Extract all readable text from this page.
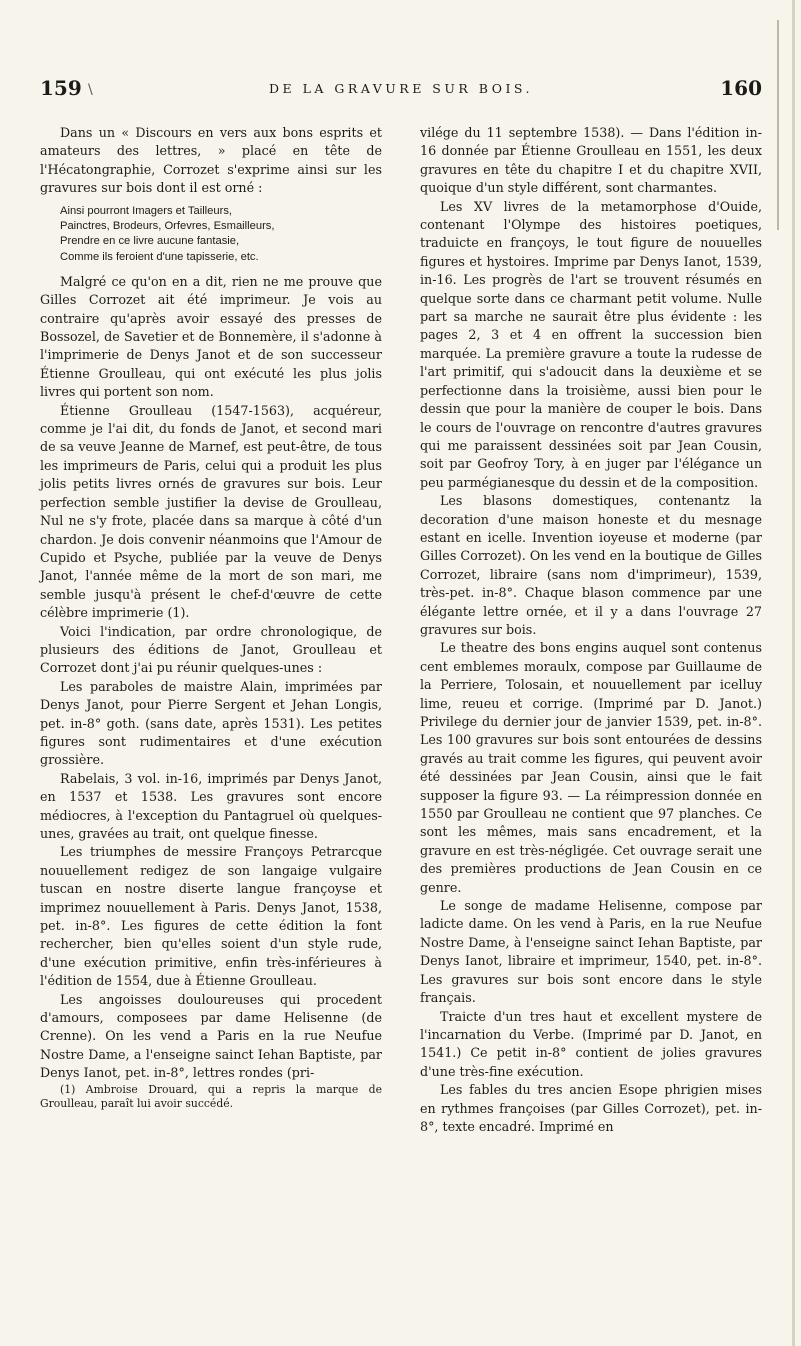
159 \	DE LA GRAVURE SUR BOIS.	160

Dans un « Discours en vers aux bons esprits et amateurs des lettres, » placé en tête de l'Hécatongraphie, Corrozet s'exprime ainsi sur les gravures sur bois dont il est orné :

Ainsi pourront Imagers et Tailleurs,
Painctres, Brodeurs, Orfevres, Esmailleurs,
Prendre en ce livre aucune fantasie,
Comme ils feroient d'une tapisserie, etc.

Malgré ce qu'on en a dit, rien ne me prouve que Gilles Corrozet ait été imprimeur. Je vois au contraire qu'après avoir essayé des presses de Bossozel, de Savetier et de Bonnemère, il s'adonne à l'imprimerie de Denys Janot et de son successeur Étienne Groulleau, qui ont exécuté les plus jolis livres qui portent son nom.

Étienne Groulleau (1547-1563), acquéreur, comme je l'ai dit, du fonds de Janot, et second mari de sa veuve Jeanne de Marnef, est peut-être, de tous les imprimeurs de Paris, celui qui a produit les plus jolis petits livres ornés de gravures sur bois. Leur perfection semble justifier la devise de Groulleau, Nul ne s'y frote, placée dans sa marque à côté d'un chardon. Je dois convenir néanmoins que l'Amour de Cupido et Psyche, publiée par la veuve de Denys Janot, l'année même de la mort de son mari, me semble jusqu'à présent le chef-d'œuvre de cette célèbre imprimerie (1).

Voici l'indication, par ordre chronologique, de plusieurs des éditions de Janot, Groulleau et Corrozet dont j'ai pu réunir quelques-unes :

Les paraboles de maistre Alain, imprimées par Denys Janot, pour Pierre Sergent et Jehan Longis, pet. in-8° goth. (sans date, après 1531). Les petites figures sont rudimentaires et d'une exécution grossière.

Rabelais, 3 vol. in-16, imprimés par Denys Janot, en 1537 et 1538. Les gravures sont encore médiocres, à l'exception du Pantagruel où quelques-unes, gravées au trait, ont quelque finesse.

Les triumphes de messire Françoys Petrarcque nouuellement redigez de son langaige vulgaire tuscan en nostre diserte langue françoyse et imprimez nouuellement à Paris. Denys Janot, 1538, pet. in-8°. Les figures de cette édition la font rechercher, bien qu'elles soient d'un style rude, d'une exécution primitive, enfin très-inférieures à l'édition de 1554, due à Étienne Groulleau.

Les angoisses douloureuses qui procedent d'amours, composees par dame Helisenne (de Crenne). On les vend a Paris en la rue Neufue Nostre Dame, a l'enseigne sainct Iehan Baptiste, par Denys Ianot, pet. in-8°, lettres rondes (pri-

(1) Ambroise Drouard, qui a repris la marque de Groulleau, paraît lui avoir succédé.

vilége du 11 septembre 1538). — Dans l'édition in-16 donnée par Étienne Groulleau en 1551, les deux gravures en tête du chapitre I et du chapitre XVII, quoique d'un style différent, sont charmantes.

Les XV livres de la metamorphose d'Ouide, contenant l'Olympe des histoires poetiques, traduicte en françoys, le tout figure de nouuelles figures et hystoires. Imprime par Denys Ianot, 1539, in-16. Les progrès de l'art se trouvent résumés en quelque sorte dans ce charmant petit volume. Nulle part sa marche ne saurait être plus évidente : les pages 2, 3 et 4 en offrent la succession bien marquée. La première gravure a toute la rudesse de l'art primitif, qui s'adoucit dans la deuxième et se perfectionne dans la troisième, aussi bien pour le dessin que pour la manière de couper le bois. Dans le cours de l'ouvrage on rencontre d'autres gravures qui me paraissent dessinées soit par Jean Cousin, soit par Geofroy Tory, à en juger par l'élégance un peu parmégianesque du dessin et de la composition.

Les blasons domestiques, contenantz la decoration d'une maison honeste et du mesnage estant en icelle. Invention ioyeuse et moderne (par Gilles Corrozet). On les vend en la boutique de Gilles Corrozet, libraire (sans nom d'imprimeur), 1539, très-pet. in-8°. Chaque blason commence par une élégante lettre ornée, et il y a dans l'ouvrage 27 gravures sur bois.

Le theatre des bons engins auquel sont contenus cent emblemes moraulx, compose par Guillaume de la Perriere, Tolosain, et nouuellement par icelluy lime, reueu et corrige. (Imprimé par D. Janot.) Privilege du dernier jour de janvier 1539, pet. in-8°. Les 100 gravures sur bois sont entourées de dessins gravés au trait comme les figures, qui peuvent avoir été dessinées par Jean Cousin, ainsi que le fait supposer la figure 93. — La réimpression donnée en 1550 par Groulleau ne contient que 97 planches. Ce sont les mêmes, mais sans encadrement, et la gravure en est très-négligée. Cet ouvrage serait une des premières productions de Jean Cousin en ce genre.

Le songe de madame Helisenne, compose par ladicte dame. On les vend à Paris, en la rue Neufue Nostre Dame, à l'enseigne sainct Iehan Baptiste, par Denys Ianot, libraire et imprimeur, 1540, pet. in-8°. Les gravures sur bois sont encore dans le style français.

Traicte d'un tres haut et excellent mystere de l'incarnation du Verbe. (Imprimé par D. Janot, en 1541.) Ce petit in-8° contient de jolies gravures d'une très-fine exécution.

Les fables du tres ancien Esope phrigien mises en rythmes françoises (par Gilles Corrozet), pet. in-8°, texte encadré. Imprimé en
